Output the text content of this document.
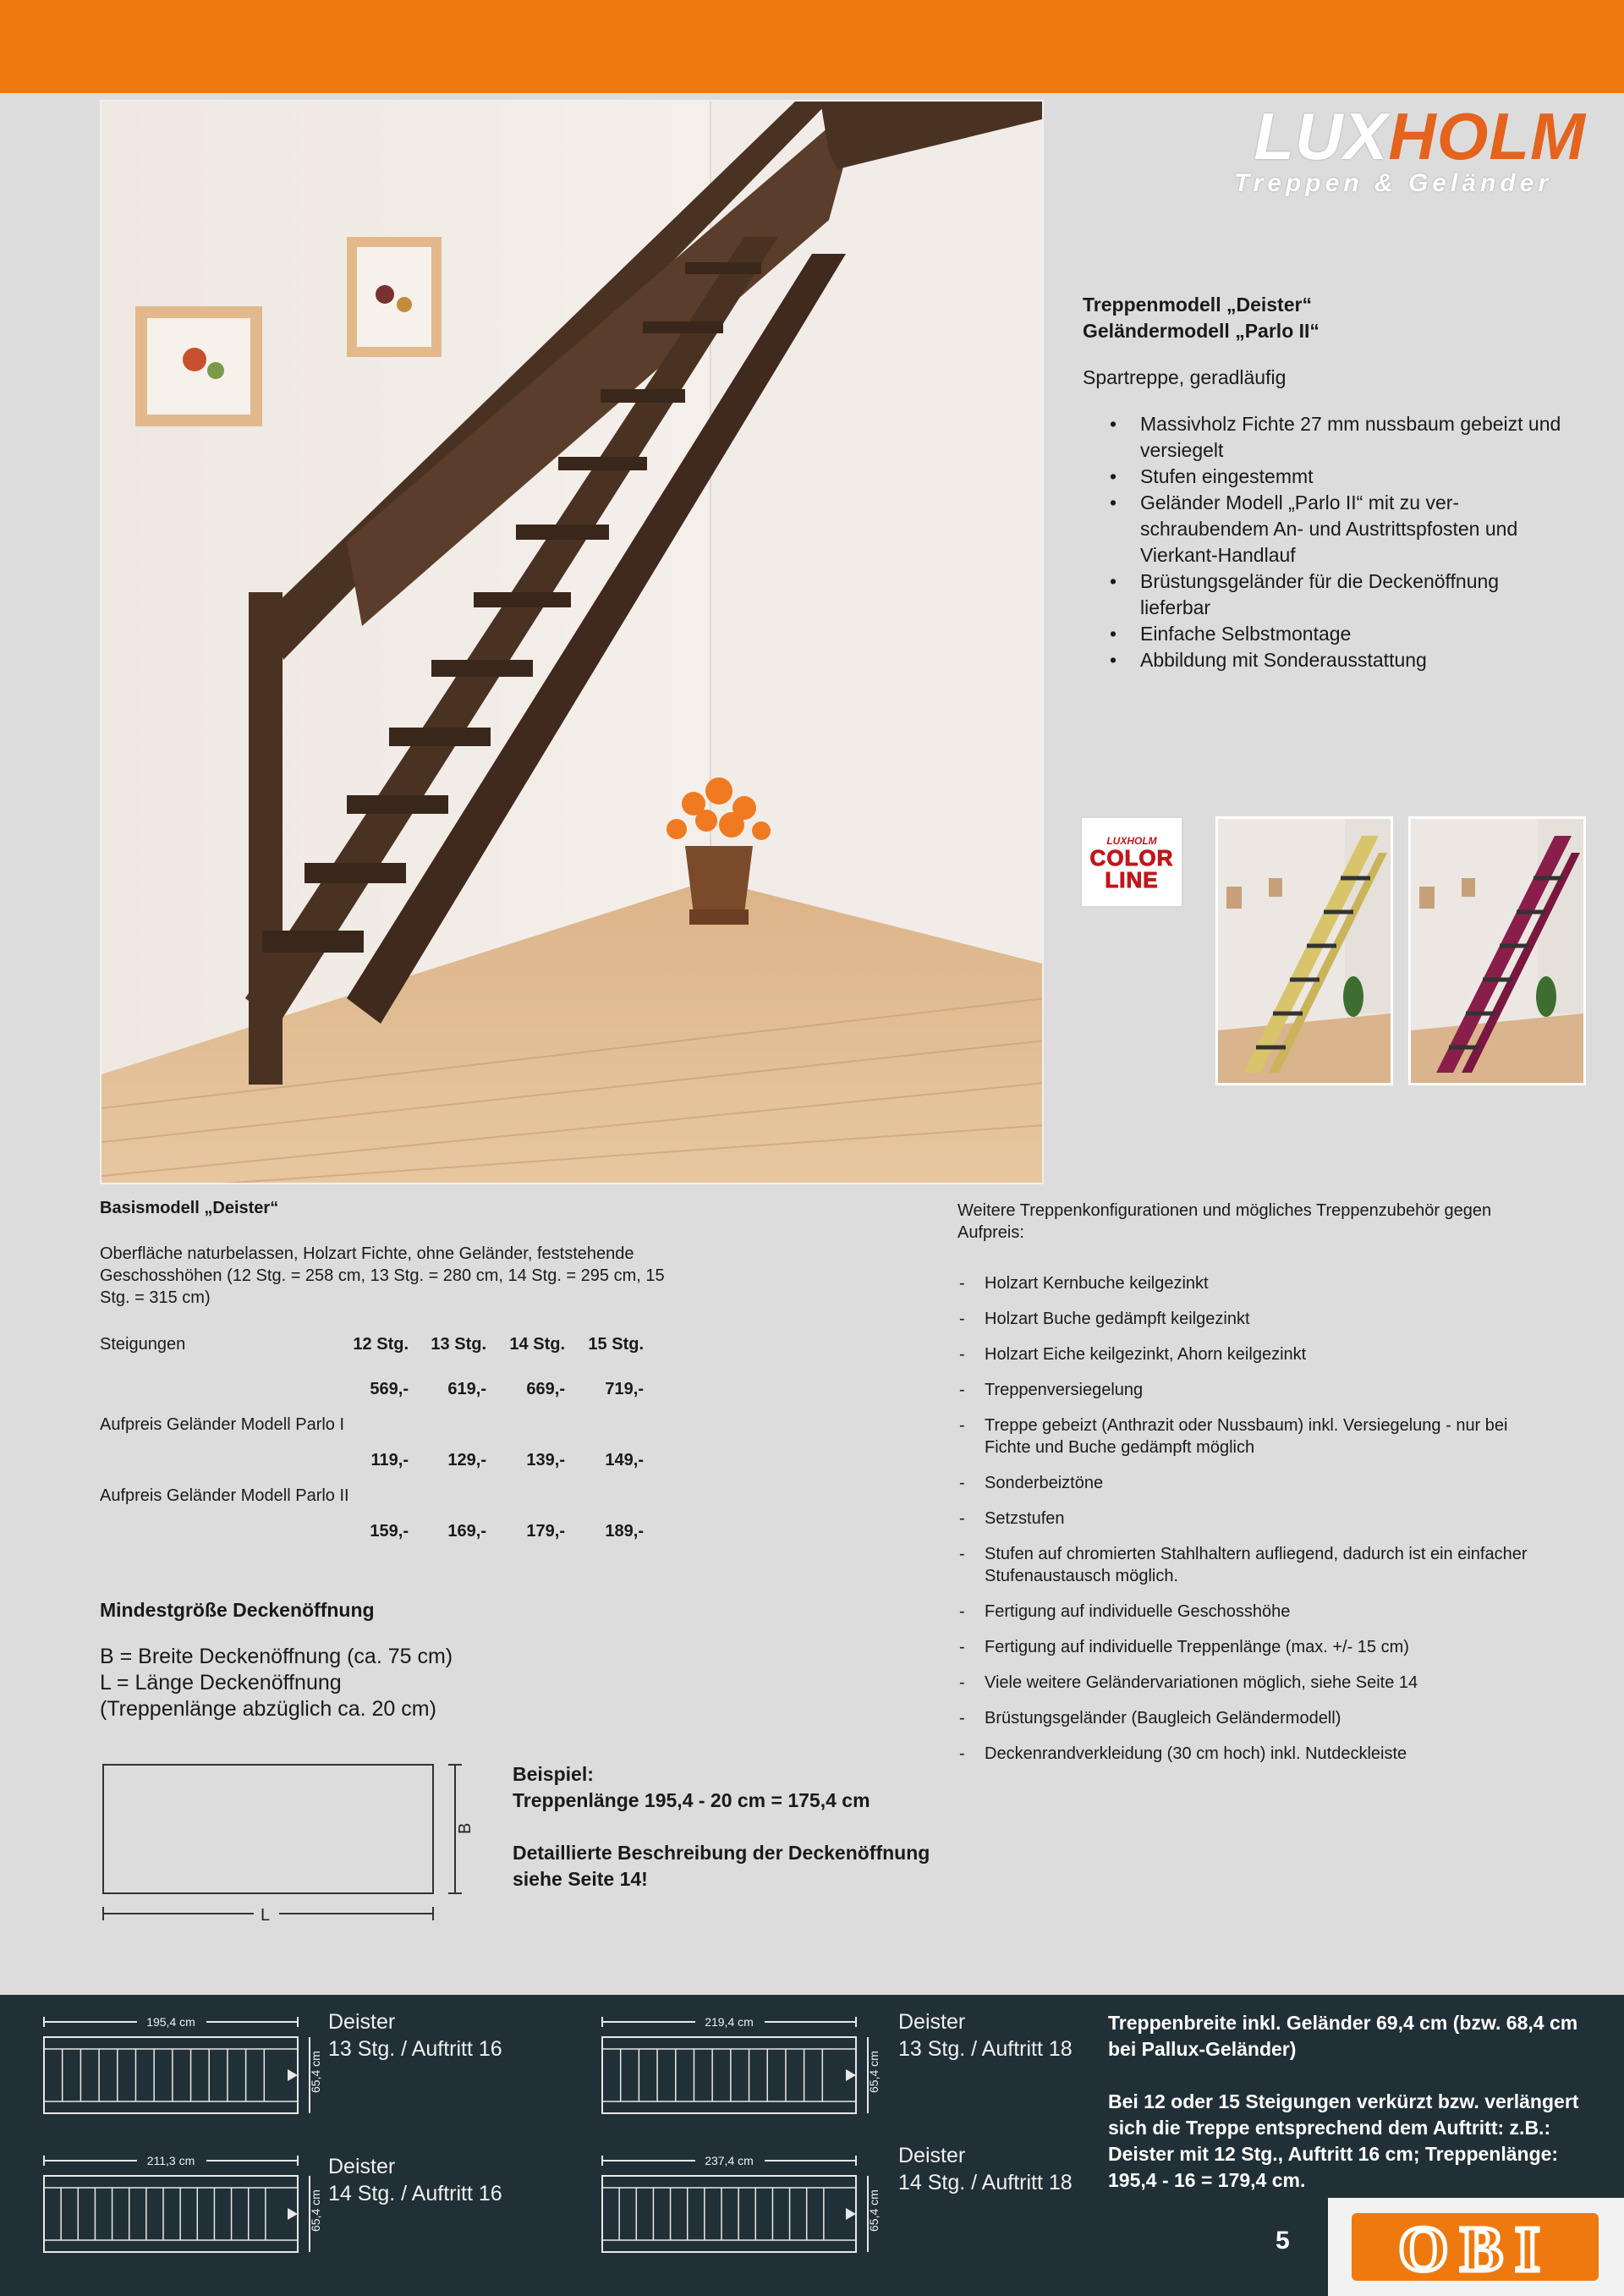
LUXHOLM
Treppen & Geländer
Treppenmodell „Deister“
Geländermodell „Parlo II“
Spartreppe, geradläufig
• Massivholz Fichte 27 mm nussbaum gebeizt und versiegelt
• Stufen eingestemmt
• Geländer Modell „Parlo II“ mit zu ver-schraubendem An- und Austrittspfosten und Vierkant-Handlauf
• Brüstungsgeländer für die Deckenöffnung lieferbar
• Einfache Selbstmontage
• Abbildung mit Sonderausstattung
LUXHOLM
COLOR
LINE
Basismodell „Deister“
Oberfläche naturbelassen, Holzart Fichte, ohne Geländer, feststehende Geschosshöhen (12 Stg. = 258 cm, 13 Stg. = 280 cm, 14 Stg. = 295 cm, 15 Stg. = 315 cm)
Steigungen	12 Stg.	13 Stg.	14 Stg.	15 Stg.
569,-	619,-	669,-	719,-
Aufpreis Geländer Modell Parlo I
119,-	129,-	139,-	149,-
Aufpreis Geländer Modell Parlo II
159,-	169,-	179,-	189,-
Mindestgröße Deckenöffnung

B = Breite Deckenöffnung (ca. 75 cm)

L = Länge Deckenöffnung

(Treppenlänge abzüglich ca. 20 cm)

L
B
Beispiel:
Treppenlänge 195,4 - 20 cm = 175,4 cm
Detaillierte Beschreibung der Deckenöffnung siehe Seite 14!
Weitere Treppenkonfigurationen und mögliches Treppenzubehör gegen Aufpreis:
- Holzart Kernbuche keilgezinkt
- Holzart Buche gedämpft keilgezinkt
- Holzart Eiche keilgezinkt, Ahorn keilgezinkt
- Treppenversiegelung
- Treppe gebeizt (Anthrazit oder Nussbaum) inkl. Versiegelung - nur bei Fichte und Buche gedämpft möglich
- Sonderbeiztöne
- Setzstufen
- Stufen auf chromierten Stahlhaltern aufliegend, dadurch ist ein einfacher Stufenaustausch möglich.
- Fertigung auf individuelle Geschosshöhe
- Fertigung auf individuelle Treppenlänge (max. +/- 15 cm)
- Viele weitere Geländervariationen möglich, siehe Seite 14
- Brüstungsgeländer (Baugleich Geländermodell)
- Deckenrandverkleidung (30 cm hoch) inkl. Nutdeckleiste
195,4 cm
65,4 cm
Deister
13 Stg. / Auftritt 16
219,4 cm
65,4 cm
Deister
13 Stg. / Auftritt 18
211,3 cm
65,4 cm
Deister
14 Stg. / Auftritt 16
237,4 cm
65,4 cm
Deister
14 Stg. / Auftritt 18
Treppenbreite inkl. Geländer 69,4 cm (bzw. 68,4 cm bei Pallux-Geländer)
Bei 12 oder 15 Steigungen verkürzt bzw. verlängert sich die Treppe entsprechend dem Auftritt: z.B.: Deister mit 12 Stg., Auftritt 16 cm; Treppenlänge: 195,4 - 16 = 179,4 cm.
5 OBI
